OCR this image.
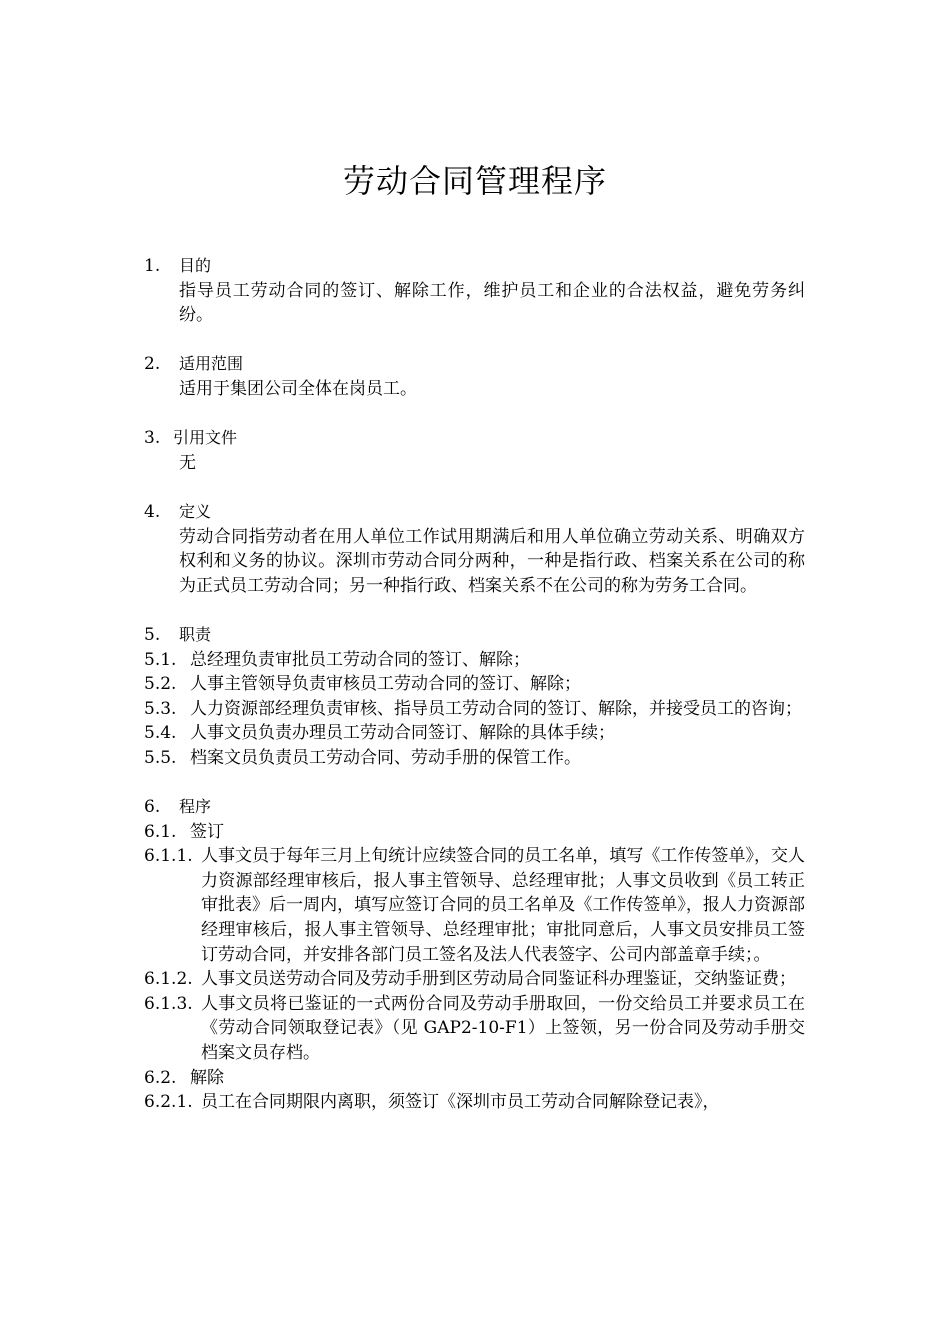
劳动合同管理程序
1. 目的
指导员工劳动合同的签订、解除工作，维护员工和企业的合法权益，避免劳务纠纷。
2. 适用范围
适用于集团公司全体在岗员工。
3. 引用文件
无
4. 定义
劳动合同指劳动者在用人单位工作试用期满后和用人单位确立劳动关系、明确双方权利和义务的协议。深圳市劳动合同分两种，一种是指行政、档案关系在公司的称为正式员工劳动合同；另一种指行政、档案关系不在公司的称为劳务工合同。
5. 职责
5.1. 总经理负责审批员工劳动合同的签订、解除；
5.2. 人事主管领导负责审核员工劳动合同的签订、解除；
5.3. 人力资源部经理负责审核、指导员工劳动合同的签订、解除，并接受员工的咨询；
5.4. 人事文员负责办理员工劳动合同签订、解除的具体手续；
5.5. 档案文员负责员工劳动合同、劳动手册的保管工作。
6. 程序
6.1. 签订
6.1.1. 人事文员于每年三月上旬统计应续签合同的员工名单，填写《工作传签单》，交人力资源部经理审核后，报人事主管领导、总经理审批；人事文员收到《员工转正审批表》后一周内，填写应签订合同的员工名单及《工作传签单》，报人力资源部经理审核后，报人事主管领导、总经理审批；审批同意后，人事文员安排员工签订劳动合同，并安排各部门员工签名及法人代表签字、公司内部盖章手续；。
6.1.2. 人事文员送劳动合同及劳动手册到区劳动局合同鉴证科办理鉴证，交纳鉴证费；
6.1.3. 人事文员将已鉴证的一式两份合同及劳动手册取回，一份交给员工并要求员工在《劳动合同领取登记表》（见 GAP2-10-F1）上签领，另一份合同及劳动手册交档案文员存档。
6.2. 解除
6.2.1. 员工在合同期限内离职，须签订《深圳市员工劳动合同解除登记表》，
